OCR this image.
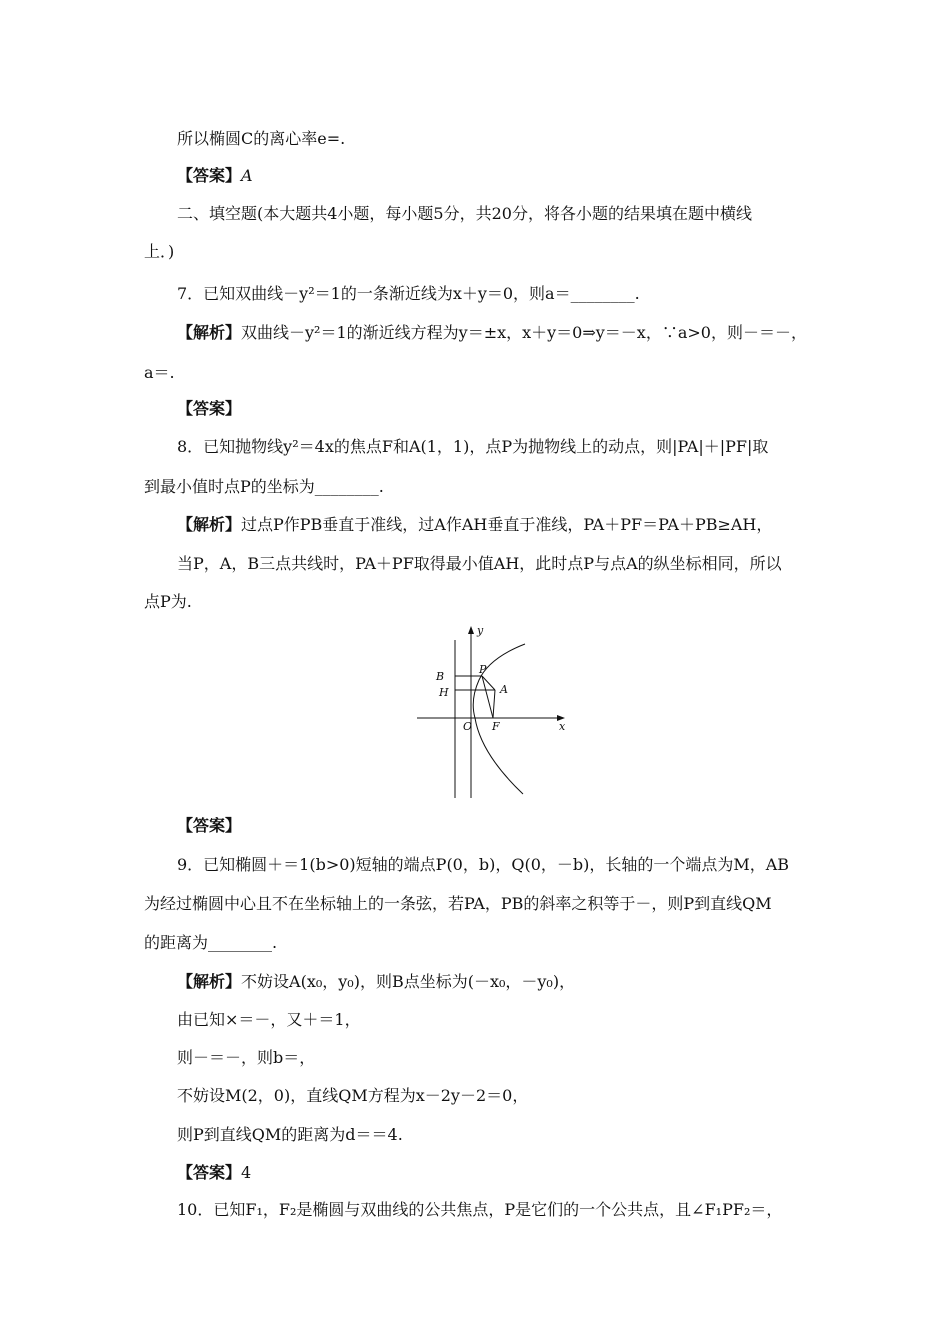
所以椭圆C的离心率e=.
【答案】A
二、填空题(本大题共4小题，每小题5分，共20分，将各小题的结果填在题中横线
上．)
7．已知双曲线－y²＝1的一条渐近线为x＋y＝0，则a＝________.
【解析】双曲线－y²＝1的渐近线方程为y＝±x，x＋y＝0⇒y＝－x，∵a>0，则－＝－，
a＝.
【答案】
8．已知抛物线y²＝4x的焦点F和A(1，1)，点P为抛物线上的动点，则|PA|＋|PF|取
到最小值时点P的坐标为________.
【解析】过点P作PB垂直于准线，过A作AH垂直于准线，PA＋PF＝PA＋PB≥AH，
当P，A，B三点共线时，PA＋PF取得最小值AH，此时点P与点A的纵坐标相同，所以
点P为.
y
x
B
H
P
A
O F
【答案】
9．已知椭圆＋＝1(b>0)短轴的端点P(0，b)，Q(0，－b)，长轴的一个端点为M，AB
为经过椭圆中心且不在坐标轴上的一条弦，若PA，PB的斜率之积等于－，则P到直线QM
的距离为________.
【解析】不妨设A(x₀，y₀)，则B点坐标为(－x₀，－y₀)，
由已知×＝－，又＋＝1，
则－＝－，则b＝，
不妨设M(2，0)，直线QM方程为x－2y－2＝0，
则P到直线QM的距离为d＝＝4.
【答案】4
10．已知F₁，F₂是椭圆与双曲线的公共焦点，P是它们的一个公共点，且∠F₁PF₂＝，
